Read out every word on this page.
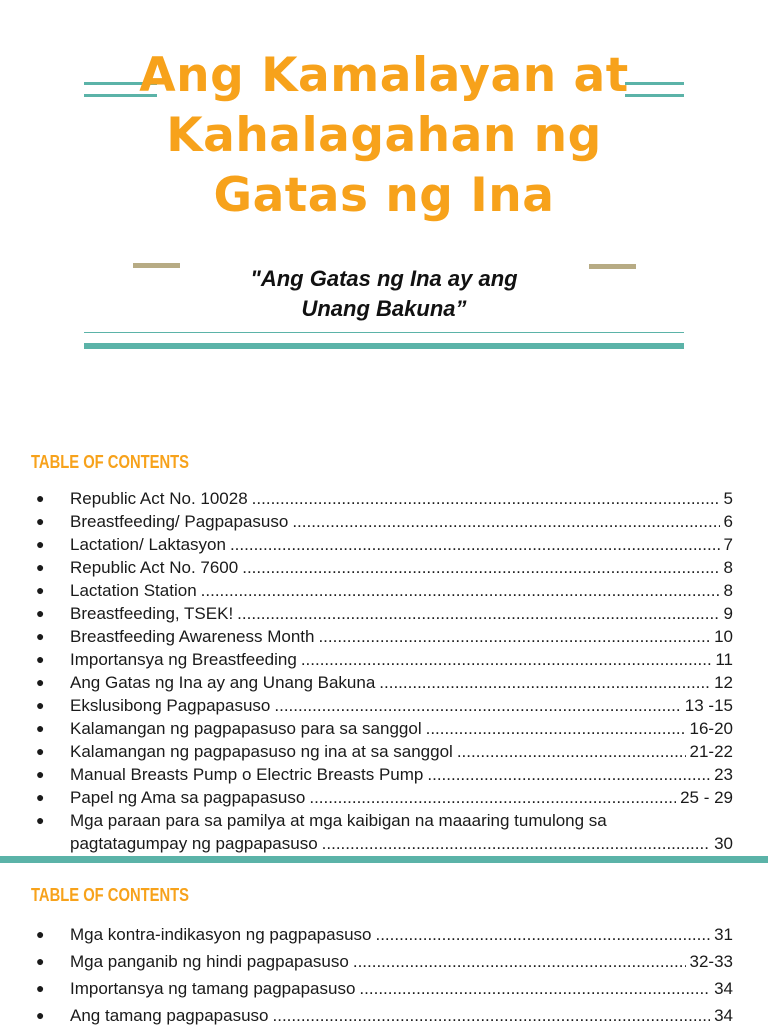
Ang Kamalayan at
Kahalagahan ng
Gatas ng Ina
"Ang Gatas ng Ina ay ang
Unang Bakuna”
TABLE OF CONTENTS
● Republic Act No. 10028 .....	5
● Breastfeeding/ Pagpapasuso .....	6
● Lactation/ Laktasyon .....	7
● Republic Act No. 7600 .....	8
● Lactation Station .....	8
● Breastfeeding, TSEK! .....	9
● Breastfeeding Awareness Month .....	10
● Importansya ng Breastfeeding .....	11
● Ang Gatas ng Ina ay ang Unang Bakuna .....	12
● Ekslusibong Pagpapasuso .....	13 -15
● Kalamangan ng pagpapasuso para sa sanggol .....	16-20
● Kalamangan ng pagpapasuso ng ina at sa sanggol .....	21-22
● Manual Breasts Pump o Electric Breasts Pump .....	23
● Papel ng Ama sa pagpapasuso .....	25 - 29
● Mga paraan para sa pamilya at mga kaibigan na maaaring tumulong sa
pagtatagumpay ng pagpapasuso .....	30
TABLE OF CONTENTS
● Mga kontra-indikasyon ng pagpapasuso .....	31
● Mga panganib ng hindi pagpapasuso .....	32-33
● Importansya ng tamang pagpapasuso .....	34
● Ang tamang pagpapasuso .....	34
